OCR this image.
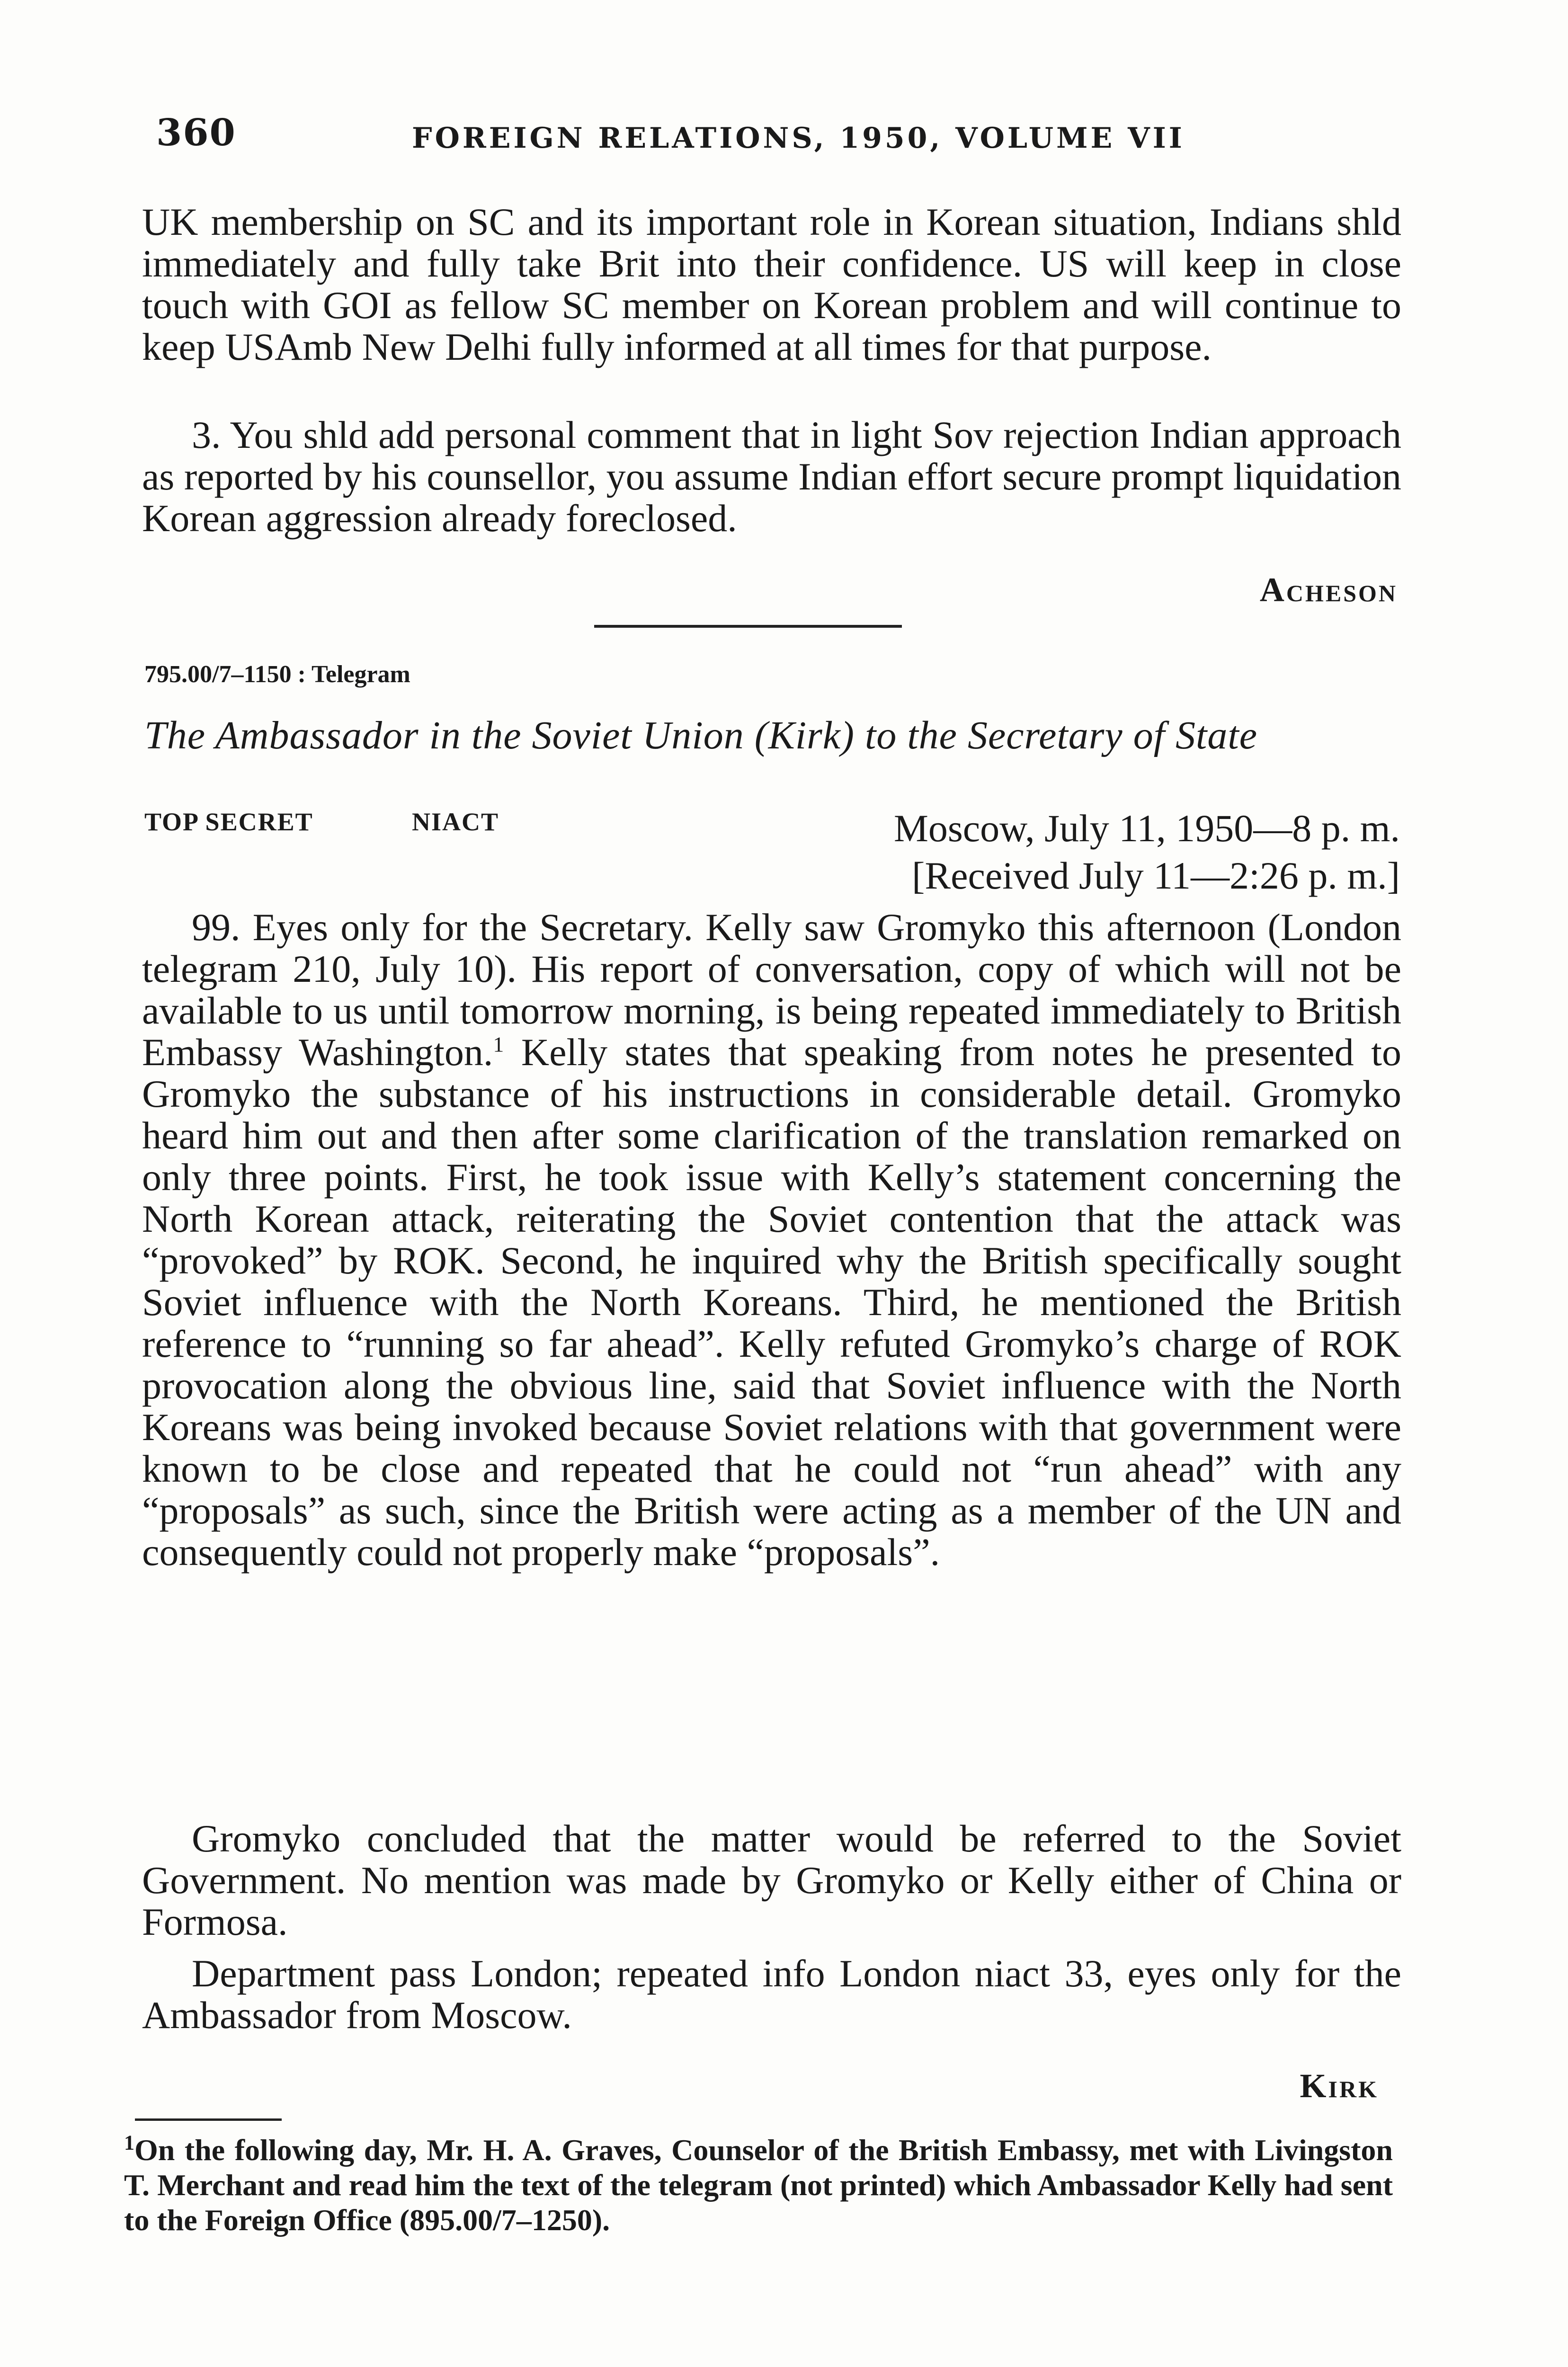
360	FOREIGN RELATIONS, 1950, VOLUME VII

UK membership on SC and its important role in Korean situation, Indians shld immediately and fully take Brit into their confidence. US will keep in close touch with GOI as fellow SC member on Korean problem and will continue to keep USAmb New Delhi fully informed at all times for that purpose.

3. You shld add personal comment that in light Sov rejection Indian approach as reported by his counsellor, you assume Indian effort secure prompt liquidation Korean aggression already foreclosed.

Acheson
795.00/7–1150 : Telegram
The Ambassador in the Soviet Union (Kirk) to the Secretary of State
TOP SECRET	NIACT	Moscow, July 11, 1950—8 p. m.
[Received July 11—2:26 p. m.]

99. Eyes only for the Secretary. Kelly saw Gromyko this afternoon (London telegram 210, July 10). His report of conversation, copy of which will not be available to us until tomorrow morning, is being repeated immediately to British Embassy Washington.$^1$ Kelly states that speaking from notes he presented to Gromyko the substance of his instructions in considerable detail. Gromyko heard him out and then after some clarification of the translation remarked on only three points. First, he took issue with Kelly’s statement concerning the North Korean attack, reiterating the Soviet contention that the attack was “provoked” by ROK. Second, he inquired why the British specifically sought Soviet influence with the North Koreans. Third, he mentioned the British reference to “running so far ahead”. Kelly refuted Gromyko’s charge of ROK provocation along the obvious line, said that Soviet influence with the North Koreans was being invoked because Soviet relations with that government were known to be close and repeated that he could not “run ahead” with any “proposals” as such, since the British were acting as a member of the UN and consequently could not properly make “proposals”.

Gromyko concluded that the matter would be referred to the Soviet Government. No mention was made by Gromyko or Kelly either of China or Formosa.

Department pass London; repeated info London niact 33, eyes only for the Ambassador from Moscow.

Kirk

$^1$On the following day, Mr. H. A. Graves, Counselor of the British Embassy, met with Livingston T. Merchant and read him the text of the telegram (not printed) which Ambassador Kelly had sent to the Foreign Office (895.00/7–1250).
